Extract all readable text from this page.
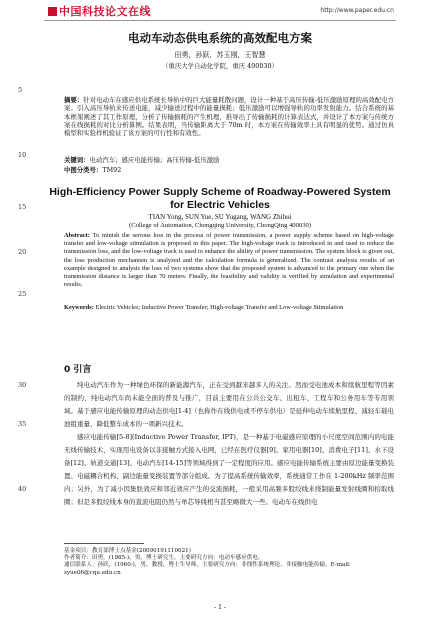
中国科技论文在线	http://www.paper.edu.cn
电动车动态供电系统的高效配电方案
田勇，孙跃，苏玉刚，王智慧
（重庆大学自动化学院，重庆 400030）
5
10
15
20
25
30
35
40
摘要：针对电动车在感应供电系统长导轨中的巨大能量耗散问题，设计一种基于高压传输-低压激励原理的高效配电方案。引入高压导轨来传送电能，减少输送过程中的能量损耗；低压激励可以增强导轨的功率发射能力。结合系统的基本框架阐述了其工作原理，分析了传输损耗的产生机理，推导出了传输损耗的计算表达式，并设计了本方案与传统方案在线损耗的对比分析算例。结果表明，当传输距离大于 70m 时，本方案在传输效率上具有明显的优势。通过仿真模型和实验样机验证了该方案的可行性和有效性。
关键词：电动汽车；感应电能传输；高压传输-低压激励
中图分类号：TM92
High-Efficiency Power Supply Scheme of Roadway-Powered System for Electric Vehicles
TIAN Yong, SUN Yue, SU Yugang, WANG Zhihui
(College of Automation, Chongqing University, ChongQing 400030)
Abstract: To minish the serious loss in the process of power transmission, a power supply scheme based on high-voltage transfer and low-voltage stimulation is proposed in this paper. The high-voltage track is introduced in and used to reduce the transmission loss, and the low-voltage track is used to enhance the ability of power transmission. The system block is given out, the loss production mechanism is analyzed and the calculation formula is generalized. The contrast analysis results of an example designed to analysis the loss of two systems show that the proposed system is advanced to the primary one when the transmission distance is larger than 70 meters. Finally, the feasibility and validity is verified by simulation and experimental results.
Keywords: Electric Vehicles; Inductive Power Transfer; High-voltage Transfer and Low-voltage Stimulation
0 引言
纯电动汽车作为一种绿色环保的新能源汽车，正在受到越来越多人的关注。然而受电池成本和续航里程等因素的制约，纯电动汽车尚未能全面的普及与推广，目前主要用在公共公交车、出租车、工程车和公务用车等专用领域。基于感应电能传输原理的动态供电[1-4]（也称作在线供电或不停车供电）是延伸电动车续航里程、减轻车载电池组重量、降低整车成本的一项新兴技术。
感应电能传输[5-8](Inductive Power Transfer, IPT)，是一种基于电磁感应原理的小尺度空间范围内的电能无线传输技术，实现用电设备以非接触方式接入电网，已经在医疗仪器[9]、家用电器[10]、消费电子[11]、水下设备[12]、轨道交通[13]、电动汽车[14-15]等领域得到了一定程度的应用。感应电能传输系统主要由原边能量变换装置、电磁耦合机构、副边能量变换装置等部分组成。为了提高系统传输效率，系统通常工作在 1-200kHz 频率范围内；另外，为了减小因集肤效应和邻近效应产生的交流损耗，一般采用高频多股绞线来绕制能量发射线圈和拾取线圈；但是多股绞线本身的直流电阻仍然与单芯导线相当甚至略微大一些。电动车在线供电
基金项目：教育部博士点基金(20090191110021)
作者简介：田勇，(1985-)，男，博士研究生，主要研究方向：电动车感应供电。
通信联系人：孙跃，(1960-)，男，教授，博士生导师，主要研究方向：非线性系统理论、非接触电能传输。E-mail: syue06@cqu.edu.cn
- 1 -
